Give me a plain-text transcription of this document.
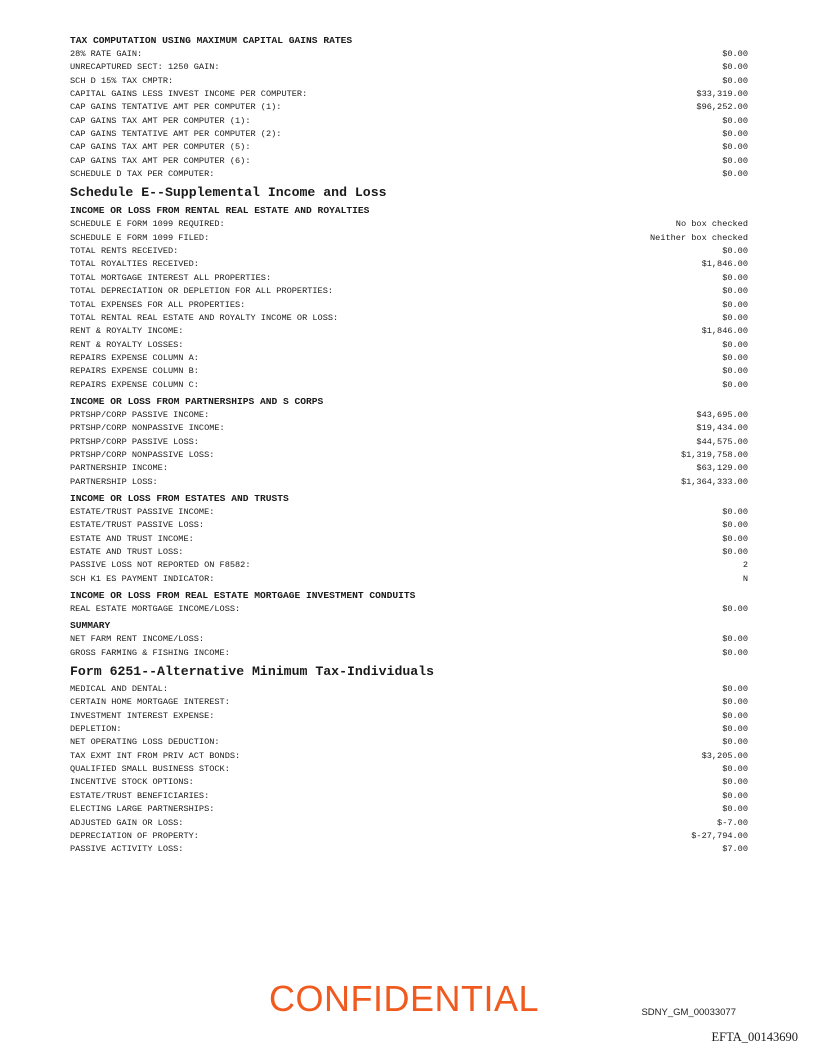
TAX COMPUTATION USING MAXIMUM CAPITAL GAINS RATES
28% RATE GAIN:	$0.00
UNRECAPTURED SECT: 1250 GAIN:	$0.00
SCH D 15% TAX CMPTR:	$0.00
CAPITAL GAINS LESS INVEST INCOME PER COMPUTER:	$33,319.00
CAP GAINS TENTATIVE AMT PER COMPUTER (1):	$96,252.00
CAP GAINS TAX AMT PER COMPUTER (1):	$0.00
CAP GAINS TENTATIVE AMT PER COMPUTER (2):	$0.00
CAP GAINS TAX AMT PER COMPUTER (5):	$0.00
CAP GAINS TAX AMT PER COMPUTER (6):	$0.00
SCHEDULE D TAX PER COMPUTER:	$0.00
Schedule E--Supplemental Income and Loss
INCOME OR LOSS FROM RENTAL REAL ESTATE AND ROYALTIES
SCHEDULE E FORM 1099 REQUIRED:	No box checked
SCHEDULE E FORM 1099 FILED:	Neither box checked
TOTAL RENTS RECEIVED:	$0.00
TOTAL ROYALTIES RECEIVED:	$1,846.00
TOTAL MORTGAGE INTEREST ALL PROPERTIES:	$0.00
TOTAL DEPRECIATION OR DEPLETION FOR ALL PROPERTIES:	$0.00
TOTAL EXPENSES FOR ALL PROPERTIES:	$0.00
TOTAL RENTAL REAL ESTATE AND ROYALTY INCOME OR LOSS:	$0.00
RENT & ROYALTY INCOME:	$1,846.00
RENT & ROYALTY LOSSES:	$0.00
REPAIRS EXPENSE COLUMN A:	$0.00
REPAIRS EXPENSE COLUMN B:	$0.00
REPAIRS EXPENSE COLUMN C:	$0.00
INCOME OR LOSS FROM PARTNERSHIPS AND S CORPS
PRTSHP/CORP PASSIVE INCOME:	$43,695.00
PRTSHP/CORP NONPASSIVE INCOME:	$19,434.00
PRTSHP/CORP PASSIVE LOSS:	$44,575.00
PRTSHP/CORP NONPASSIVE LOSS:	$1,319,758.00
PARTNERSHIP INCOME:	$63,129.00
PARTNERSHIP LOSS:	$1,364,333.00
INCOME OR LOSS FROM ESTATES AND TRUSTS
ESTATE/TRUST PASSIVE INCOME:	$0.00
ESTATE/TRUST PASSIVE LOSS:	$0.00
ESTATE AND TRUST INCOME:	$0.00
ESTATE AND TRUST LOSS:	$0.00
PASSIVE LOSS NOT REPORTED ON F8582:	2
SCH K1 ES PAYMENT INDICATOR:	N
INCOME OR LOSS FROM REAL ESTATE MORTGAGE INVESTMENT CONDUITS
REAL ESTATE MORTGAGE INCOME/LOSS:	$0.00
SUMMARY
NET FARM RENT INCOME/LOSS:	$0.00
GROSS FARMING & FISHING INCOME:	$0.00
Form 6251--Alternative Minimum Tax-Individuals
MEDICAL AND DENTAL:	$0.00
CERTAIN HOME MORTGAGE INTEREST:	$0.00
INVESTMENT INTEREST EXPENSE:	$0.00
DEPLETION:	$0.00
NET OPERATING LOSS DEDUCTION:	$0.00
TAX EXMT INT FROM PRIV ACT BONDS:	$3,205.00
QUALIFIED SMALL BUSINESS STOCK:	$0.00
INCENTIVE STOCK OPTIONS:	$0.00
ESTATE/TRUST BENEFICIARIES:	$0.00
ELECTING LARGE PARTNERSHIPS:	$0.00
ADJUSTED GAIN OR LOSS:	$-7.00
DEPRECIATION OF PROPERTY:	$-27,794.00
PASSIVE ACTIVITY LOSS:	$7.00
CONFIDENTIAL	SDNY_GM_00033077
EFTA_00143690
